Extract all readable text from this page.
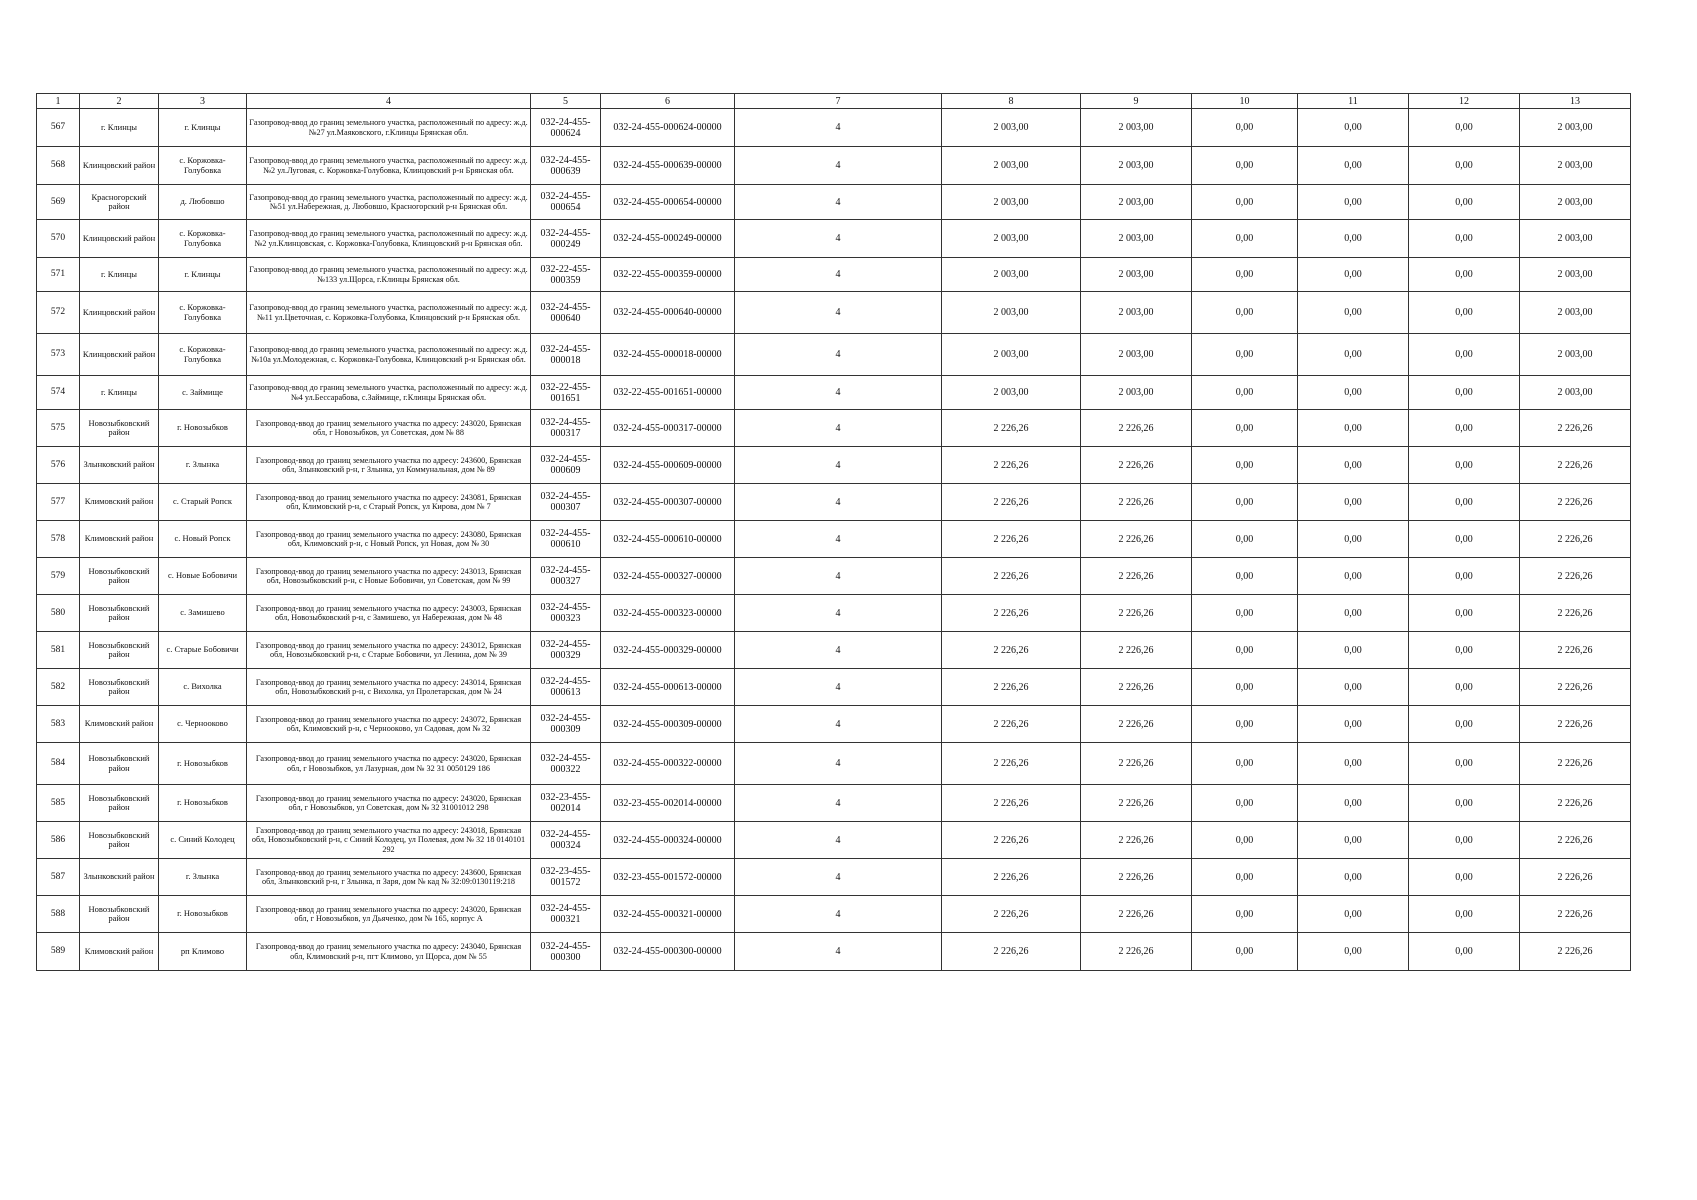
1	2	3	4	5	6	7	8	9	10	11	12	13
567	г. Клинцы	г. Клинцы	Газопровод-ввод до границ земельного участка, расположенный по адресу: ж.д.№27 ул.Маяковского, г.Клинцы Брянская обл.	032-24-455-000624	032-24-455-000624-00000	4	2 003,00	2 003,00	0,00	0,00	0,00	2 003,00
568	Клинцовский район	с. Коржовка-Голубовка	Газопровод-ввод до границ земельного участка, расположенный по адресу: ж.д.№2 ул.Луговая, с. Коржовка-Голубовка, Клинцовский р-н Брянская обл.	032-24-455-000639	032-24-455-000639-00000	4	2 003,00	2 003,00	0,00	0,00	0,00	2 003,00
569	Красногорский район	д. Любовшо	Газопровод-ввод до границ земельного участка, расположенный по адресу: ж.д.№51 ул.Набережная, д. Любовшо, Красногорский р-н Брянская обл.	032-24-455-000654	032-24-455-000654-00000	4	2 003,00	2 003,00	0,00	0,00	0,00	2 003,00
570	Клинцовский район	с. Коржовка-Голубовка	Газопровод-ввод до границ земельного участка, расположенный по адресу: ж.д.№2 ул.Клинцовская, с. Коржовка-Голубовка, Клинцовский р-н Брянская обл.	032-24-455-000249	032-24-455-000249-00000	4	2 003,00	2 003,00	0,00	0,00	0,00	2 003,00
571	г. Клинцы	г. Клинцы	Газопровод-ввод до границ земельного участка, расположенный по адресу: ж.д.№133 ул.Щорса, г.Клинцы Брянская обл.	032-22-455-000359	032-22-455-000359-00000	4	2 003,00	2 003,00	0,00	0,00	0,00	2 003,00
572	Клинцовский район	с. Коржовка-Голубовка	Газопровод-ввод до границ земельного участка, расположенный по адресу: ж.д.№11 ул.Цветочная, с. Коржовка-Голубовка, Клинцовский р-н Брянская обл.	032-24-455-000640	032-24-455-000640-00000	4	2 003,00	2 003,00	0,00	0,00	0,00	2 003,00
573	Клинцовский район	с. Коржовка-Голубовка	Газопровод-ввод до границ земельного участка, расположенный по адресу: ж.д.№10а ул.Молодежная, с. Коржовка-Голубовка, Клинцовский р-н Брянская обл.	032-24-455-000018	032-24-455-000018-00000	4	2 003,00	2 003,00	0,00	0,00	0,00	2 003,00
574	г. Клинцы	с. Займище	Газопровод-ввод до границ земельного участка, расположенный по адресу: ж.д.№4 ул.Бессарабова, с.Займище, г.Клинцы Брянская обл.	032-22-455-001651	032-22-455-001651-00000	4	2 003,00	2 003,00	0,00	0,00	0,00	2 003,00
575	Новозыбковский район	г. Новозыбков	Газопровод-ввод до границ земельного участка по адресу: 243020, Брянская обл, г Новозыбков, ул Советская, дом № 88	032-24-455-000317	032-24-455-000317-00000	4	2 226,26	2 226,26	0,00	0,00	0,00	2 226,26
576	Злынковский район	г. Злынка	Газопровод-ввод до границ земельного участка по адресу: 243600, Брянская обл, Злынковский р-н, г Злынка, ул Коммунальная, дом № 89	032-24-455-000609	032-24-455-000609-00000	4	2 226,26	2 226,26	0,00	0,00	0,00	2 226,26
577	Климовский район	с. Старый Ропск	Газопровод-ввод до границ земельного участка по адресу: 243081, Брянская обл, Климовский р-н, с Старый Ропск, ул Кирова, дом № 7	032-24-455-000307	032-24-455-000307-00000	4	2 226,26	2 226,26	0,00	0,00	0,00	2 226,26
578	Климовский район	с. Новый Ропск	Газопровод-ввод до границ земельного участка по адресу: 243080, Брянская обл, Климовский р-н, с Новый Ропск, ул Новая, дом № 30	032-24-455-000610	032-24-455-000610-00000	4	2 226,26	2 226,26	0,00	0,00	0,00	2 226,26
579	Новозыбковский район	с. Новые Бобовичи	Газопровод-ввод до границ земельного участка по адресу: 243013, Брянская обл, Новозыбковский р-н, с Новые Бобовичи, ул Советская, дом № 99	032-24-455-000327	032-24-455-000327-00000	4	2 226,26	2 226,26	0,00	0,00	0,00	2 226,26
580	Новозыбковский район	с. Замишево	Газопровод-ввод до границ земельного участка по адресу: 243003, Брянская обл, Новозыбковский р-н, с Замишево, ул Набережная, дом № 48	032-24-455-000323	032-24-455-000323-00000	4	2 226,26	2 226,26	0,00	0,00	0,00	2 226,26
581	Новозыбковский район	с. Старые Бобовичи	Газопровод-ввод до границ земельного участка по адресу: 243012, Брянская обл, Новозыбковский р-н, с Старые Бобовичи, ул Ленина, дом № 39	032-24-455-000329	032-24-455-000329-00000	4	2 226,26	2 226,26	0,00	0,00	0,00	2 226,26
582	Новозыбковский район	с. Вихолка	Газопровод-ввод до границ земельного участка по адресу: 243014, Брянская обл, Новозыбковский р-н, с Вихолка, ул Пролетарская, дом № 24	032-24-455-000613	032-24-455-000613-00000	4	2 226,26	2 226,26	0,00	0,00	0,00	2 226,26
583	Климовский район	с. Чернооково	Газопровод-ввод до границ земельного участка по адресу: 243072, Брянская обл, Климовский р-н, с Чернооково, ул Садовая, дом № 32	032-24-455-000309	032-24-455-000309-00000	4	2 226,26	2 226,26	0,00	0,00	0,00	2 226,26
584	Новозыбковский район	г. Новозыбков	Газопровод-ввод до границ земельного участка по адресу: 243020, Брянская обл, г Новозыбков, ул Лазурная, дом № 32 31 0050129 186	032-24-455-000322	032-24-455-000322-00000	4	2 226,26	2 226,26	0,00	0,00	0,00	2 226,26
585	Новозыбковский район	г. Новозыбков	Газопровод-ввод до границ земельного участка по адресу: 243020, Брянская обл, г Новозыбков, ул Советская, дом № 32 31001012 298	032-23-455-002014	032-23-455-002014-00000	4	2 226,26	2 226,26	0,00	0,00	0,00	2 226,26
586	Новозыбковский район	с. Синий Колодец	Газопровод-ввод до границ земельного участка по адресу: 243018, Брянская обл, Новозыбковский р-н, с Синий Колодец, ул Полевая, дом № 32 18 0140101 292	032-24-455-000324	032-24-455-000324-00000	4	2 226,26	2 226,26	0,00	0,00	0,00	2 226,26
587	Злынковский район	г. Злынка	Газопровод-ввод до границ земельного участка по адресу: 243600, Брянская обл, Злынковский р-н, г Злынка, п Заря, дом № кад № 32:09:0130119:218	032-23-455-001572	032-23-455-001572-00000	4	2 226,26	2 226,26	0,00	0,00	0,00	2 226,26
588	Новозыбковский район	г. Новозыбков	Газопровод-ввод до границ земельного участка по адресу: 243020, Брянская обл, г Новозыбков, ул Дьяченко, дом № 165, корпус А	032-24-455-000321	032-24-455-000321-00000	4	2 226,26	2 226,26	0,00	0,00	0,00	2 226,26
589	Климовский район	рп Климово	Газопровод-ввод до границ земельного участка по адресу: 243040, Брянская обл, Климовский р-н, пгт Климово, ул Щорса, дом № 55	032-24-455-000300	032-24-455-000300-00000	4	2 226,26	2 226,26	0,00	0,00	0,00	2 226,26
